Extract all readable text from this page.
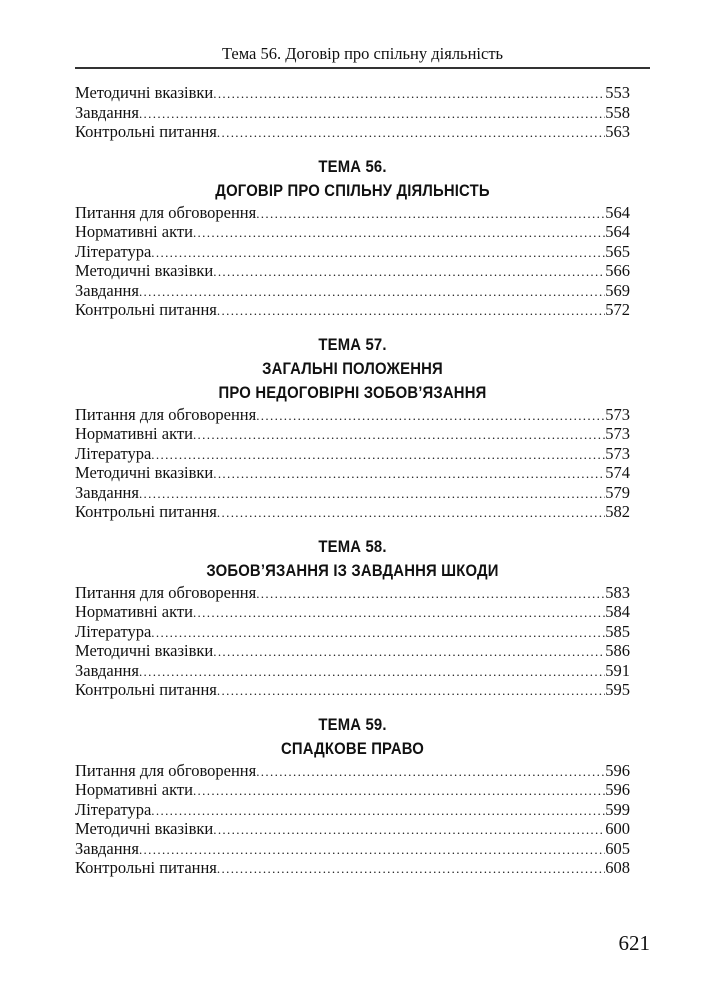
Тема 56. Договір про спільну діяльність
Методичні вказівки . . .	553
Завдання . . .	558
Контрольні питання . . .	563
ТЕМА 56.
ДОГОВІР ПРО СПІЛЬНУ ДІЯЛЬНІСТЬ
Питання для обговорення . . .	564
Нормативні акти . . .	564
Література . . .	565
Методичні вказівки . . .	566
Завдання . . .	569
Контрольні питання . . .	572
ТЕМА 57.
ЗАГАЛЬНІ ПОЛОЖЕННЯ
ПРО НЕДОГОВІРНІ ЗОБОВ’ЯЗАННЯ
Питання для обговорення . . .	573
Нормативні акти . . .	573
Література . . .	573
Методичні вказівки . . .	574
Завдання . . .	579
Контрольні питання . . .	582
ТЕМА 58.
ЗОБОВ’ЯЗАННЯ ІЗ ЗАВДАННЯ ШКОДИ
Питання для обговорення . . .	583
Нормативні акти . . .	584
Література . . .	585
Методичні вказівки . . .	586
Завдання . . .	591
Контрольні питання . . .	595
ТЕМА 59.
СПАДКОВЕ ПРАВО
Питання для обговорення . . .	596
Нормативні акти . . .	596
Література . . .	599
Методичні вказівки . . .	600
Завдання . . .	605
Контрольні питання . . .	608
621
